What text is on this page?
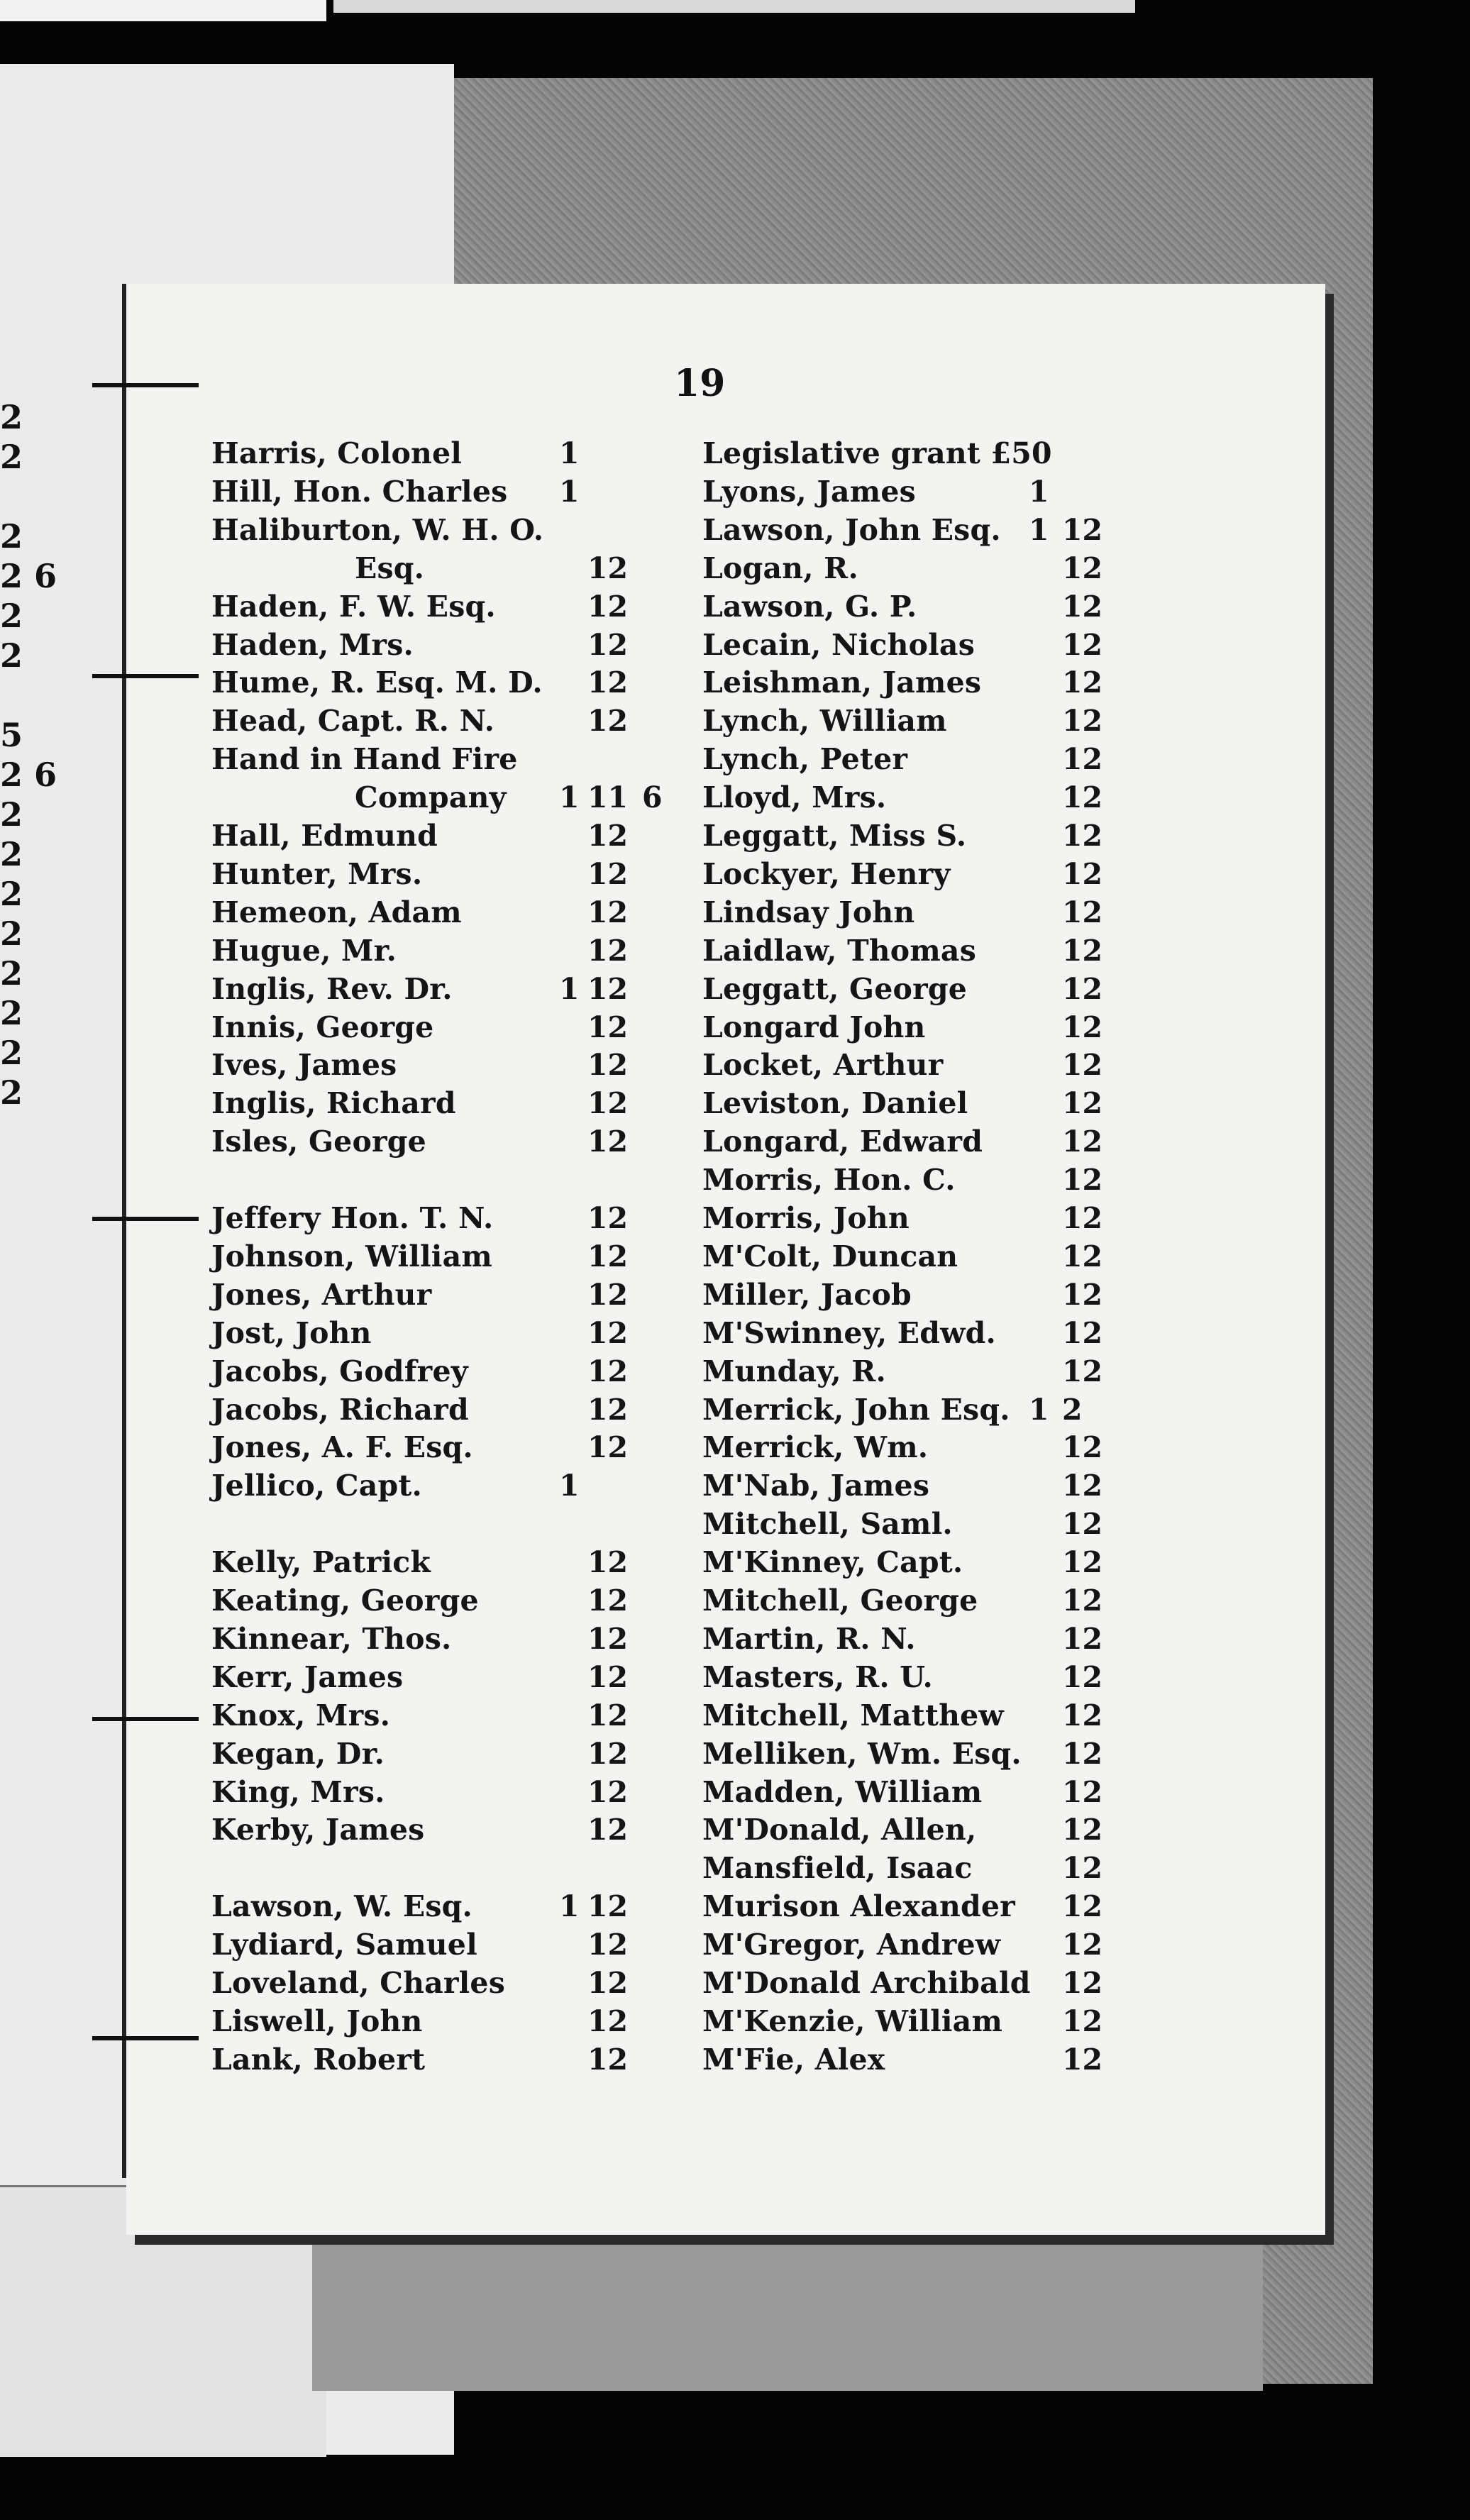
2
2

2
2 6
2
2

5
2 6
2
2
2
2
2
2
2
2
19
Harris, Colonel	1
Hill, Hon. Charles 1
Haliburton, W. H. O.
Esq.	12
Haden, F. W. Esq.	12
Haden, Mrs.	12
Hume, R. Esq. M. D. 12
Head, Capt. R. N.	12
Hand in Hand Fire
Company 1 11 6
Hall, Edmund	12
Hunter, Mrs.	12
Hemeon, Adam	12
Hugue, Mr.	12
Inglis, Rev. Dr.	1 12
Innis, George	12
Ives, James	12
Inglis, Richard	12
Isles, George	12
Jeffery Hon. T. N.	12
Johnson, William	12
Jones, Arthur	12
Jost, John	12
Jacobs, Godfrey	12
Jacobs, Richard	12
Jones, A. F. Esq.	12
Jellico, Capt.	1
Kelly, Patrick	12
Keating, George	12
Kinnear, Thos.	12
Kerr, James	12
Knox, Mrs.	12
Kegan, Dr.	12
King, Mrs.	12
Kerby, James	12
Lawson, W. Esq.	1 12
Lydiard, Samuel	12
Loveland, Charles	12
Liswell, John	12
Lank, Robert	12
Legislative grant £50
Lyons, James	1
Lawson, John Esq. 1 12
Logan, R.	12
Lawson, G. P.	12
Lecain, Nicholas	12
Leishman, James	12
Lynch, William	12
Lynch, Peter	12
Lloyd, Mrs.	12
Leggatt, Miss S.	12
Lockyer, Henry	12
Lindsay John	12
Laidlaw, Thomas	12
Leggatt, George	12
Longard John	12
Locket, Arthur	12
Leviston, Daniel	12
Longard, Edward	12
Morris, Hon. C.	12
Morris, John	12
M'Colt, Duncan	12
Miller, Jacob	12
M'Swinney, Edwd. 12
Munday, R.	12
Merrick, John Esq. 1 2
Merrick, Wm.	12
M'Nab, James	12
Mitchell, Saml.	12
M'Kinney, Capt.	12
Mitchell, George	12
Martin, R. N.	12
Masters, R. U.	12
Mitchell, Matthew 12
Melliken, Wm. Esq. 12
Madden, William	12
M'Donald, Allen,	12
Mansfield, Isaac	12
Murison Alexander 12
M'Gregor, Andrew 12
M'Donald Archibald 12
M'Kenzie, William 12
M'Fie, Alex	12
